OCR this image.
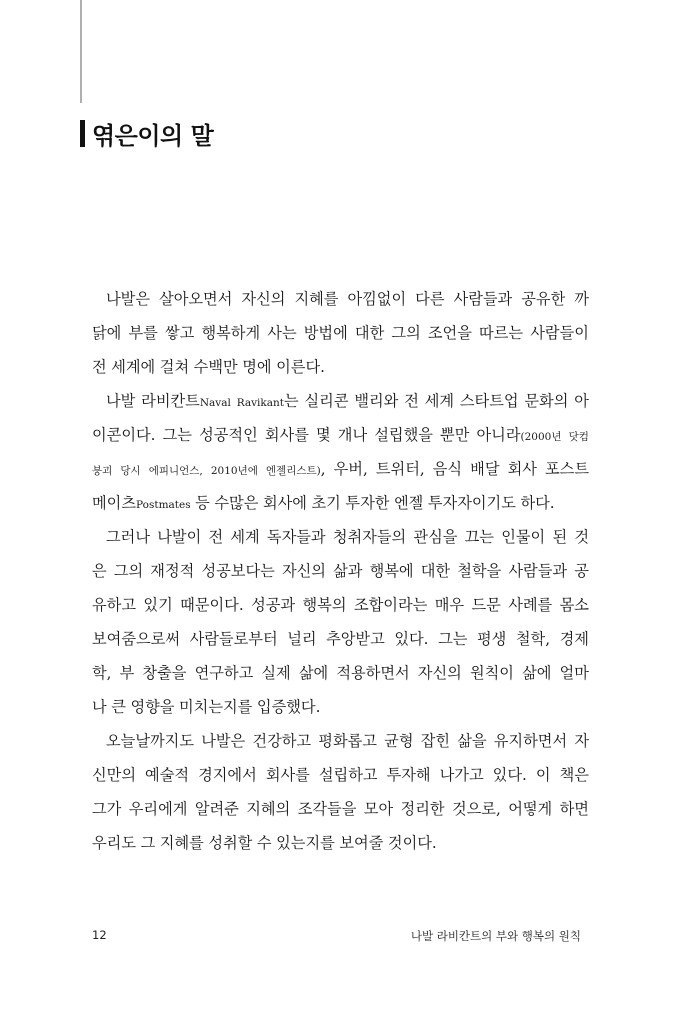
엮은이의 말
나발은 살아오면서 자신의 지혜를 아낌없이 다른 사람들과 공유한 까
닭에 부를 쌓고 행복하게 사는 방법에 대한 그의 조언을 따르는 사람들이
전 세계에 걸쳐 수백만 명에 이른다.
나발 라비칸트Naval Ravikant는 실리콘 밸리와 전 세계 스타트업 문화의 아
이콘이다. 그는 성공적인 회사를 몇 개나 설립했을 뿐만 아니라(2000년 닷컴
붕괴 당시 에피니언스, 2010년에 엔젤리스트), 우버, 트위터, 음식 배달 회사 포스트
메이츠Postmates 등 수많은 회사에 초기 투자한 엔젤 투자자이기도 하다.
그러나 나발이 전 세계 독자들과 청취자들의 관심을 끄는 인물이 된 것
은 그의 재정적 성공보다는 자신의 삶과 행복에 대한 철학을 사람들과 공
유하고 있기 때문이다. 성공과 행복의 조합이라는 매우 드문 사례를 몸소
보여줌으로써 사람들로부터 널리 추앙받고 있다. 그는 평생 철학, 경제
학, 부 창출을 연구하고 실제 삶에 적용하면서 자신의 원칙이 삶에 얼마
나 큰 영향을 미치는지를 입증했다.
오늘날까지도 나발은 건강하고 평화롭고 균형 잡힌 삶을 유지하면서 자
신만의 예술적 경지에서 회사를 설립하고 투자해 나가고 있다. 이 책은
그가 우리에게 알려준 지혜의 조각들을 모아 정리한 것으로, 어떻게 하면
우리도 그 지혜를 성취할 수 있는지를 보여줄 것이다.
12	나발 라비칸트의 부와 행복의 원칙
